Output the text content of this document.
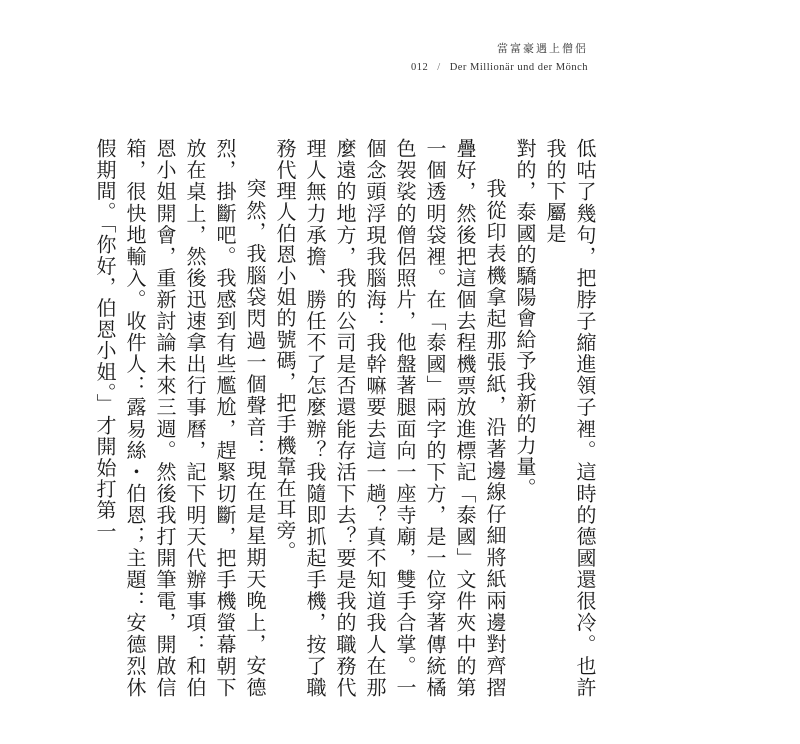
當富豪遇上僧侶
012 / Der Millionär und der Mönch

低咕了幾句，把脖子縮進領子裡。這時的德國還很冷。也許我的下屬是

對的，泰國的驕陽會給予我新的力量。

我從印表機拿起那張紙，沿著邊線仔細將紙兩邊對齊摺疊好，然後把這個去程機票放進標記「泰國」文件夾中的第一個透明袋裡。在「泰國」兩字的下方，是一位穿著傳統橘色袈裟的僧侶照片，他盤著腿面向一座寺廟，雙手合掌。一個念頭浮現我腦海：我幹嘛要去這一趟？真不知道我人在那麼遠的地方，我的公司是否還能存活下去？要是我的職務代理人無力承擔、勝任不了怎麼辦？我隨即抓起手機，按了職務代理人伯恩小姐的號碼，把手機靠在耳旁。

突然，我腦袋閃過一個聲音：現在是星期天晚上，安德烈，掛斷吧。我感到有些尷尬，趕緊切斷，把手機螢幕朝下放在桌上，然後迅速拿出行事曆，記下明天代辦事項：和伯恩小姐開會，重新討論未來三週。然後我打開筆電，開啟信箱，很快地輸入。收件人：露易絲・伯恩；主題：安德烈休假期間。「你好，伯恩小姐。」才開始打第一
